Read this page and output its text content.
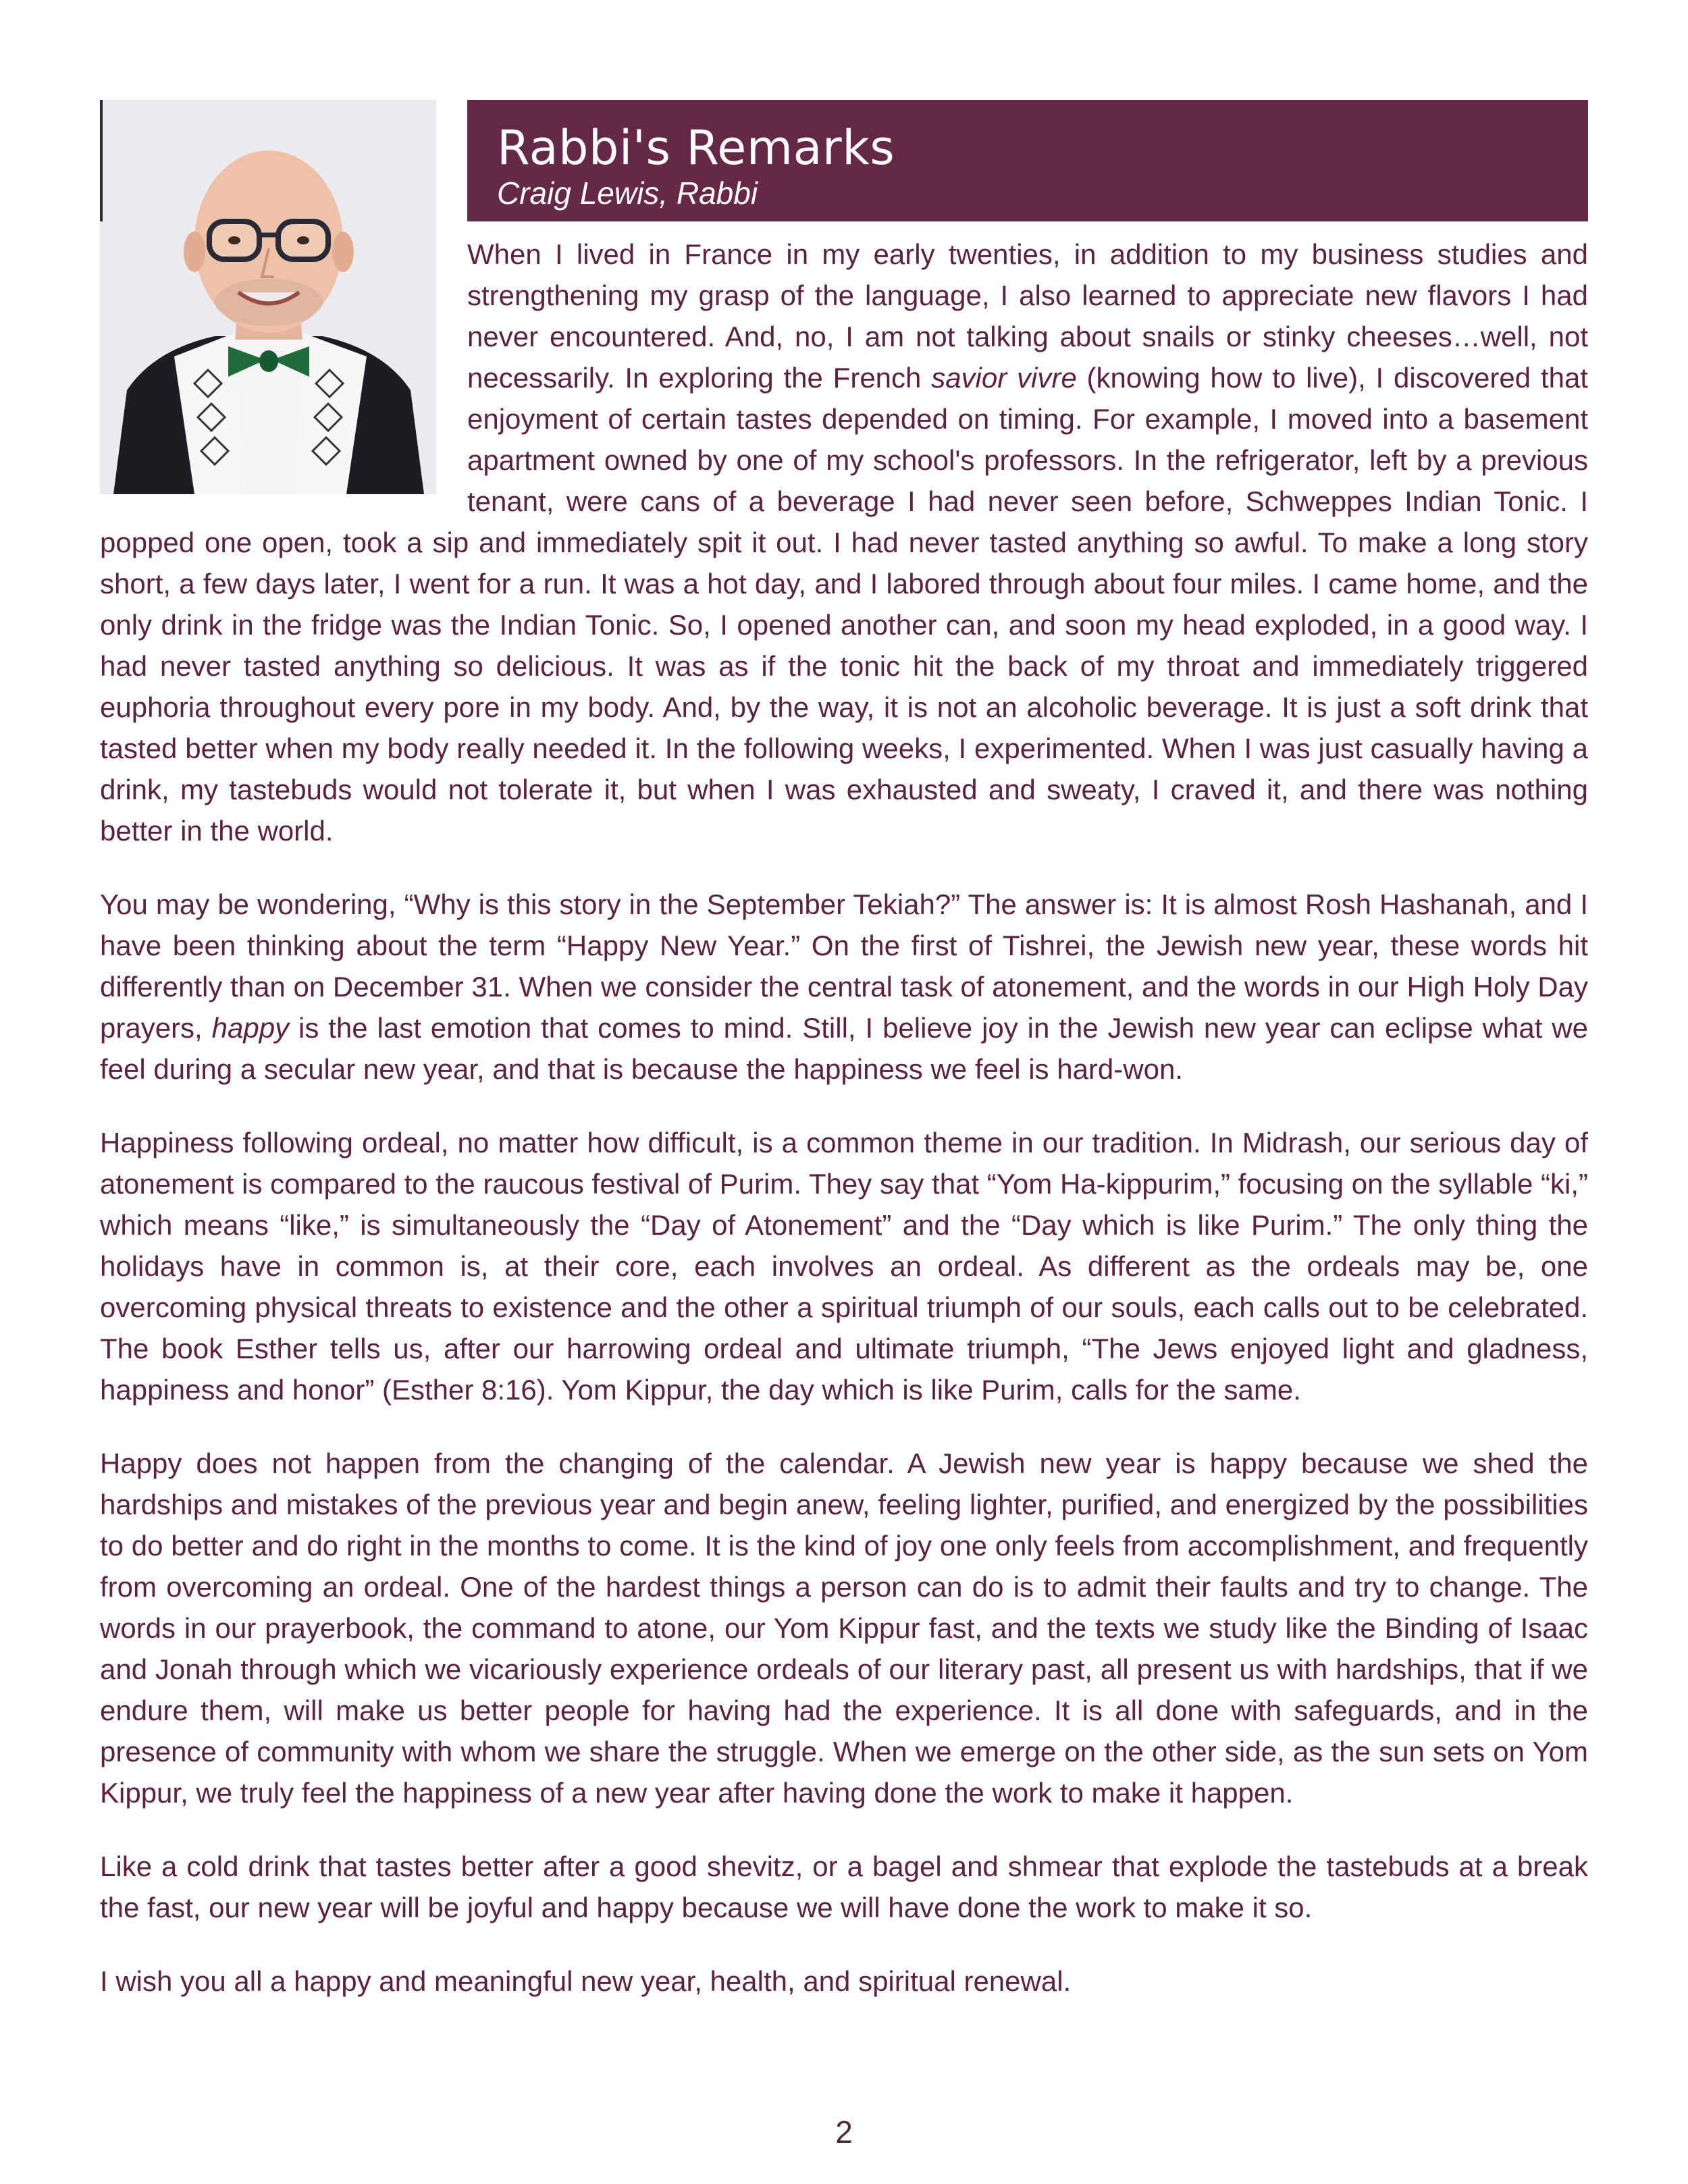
Rabbi's Remarks
Craig Lewis, Rabbi

When I lived in France in my early twenties, in addition to my business studies and strengthening my grasp of the language, I also learned to appreciate new flavors I had never encountered. And, no, I am not talking about snails or stinky cheeses…well, not necessarily. In exploring the French savior vivre (knowing how to live), I discovered that enjoyment of certain tastes depended on timing. For example, I moved into a basement apartment owned by one of my school's professors. In the refrigerator, left by a previous tenant, were cans of a beverage I had never seen before, Schweppes Indian Tonic. I popped one open, took a sip and immediately spit it out. I had never tasted anything so awful. To make a long story short, a few days later, I went for a run. It was a hot day, and I labored through about four miles. I came home, and the only drink in the fridge was the Indian Tonic. So, I opened another can, and soon my head exploded, in a good way. I had never tasted anything so delicious. It was as if the tonic hit the back of my throat and immediately triggered euphoria throughout every pore in my body. And, by the way, it is not an alcoholic beverage. It is just a soft drink that tasted better when my body really needed it. In the following weeks, I experimented. When I was just casually having a drink, my tastebuds would not tolerate it, but when I was exhausted and sweaty, I craved it, and there was nothing better in the world.

You may be wondering, “Why is this story in the September Tekiah?” The answer is: It is almost Rosh Hashanah, and I have been thinking about the term “Happy New Year.” On the first of Tishrei, the Jewish new year, these words hit differently than on December 31. When we consider the central task of atonement, and the words in our High Holy Day prayers, happy is the last emotion that comes to mind. Still, I believe joy in the Jewish new year can eclipse what we feel during a secular new year, and that is because the happiness we feel is hard-won.

Happiness following ordeal, no matter how difficult, is a common theme in our tradition. In Midrash, our serious day of atonement is compared to the raucous festival of Purim. They say that “Yom Ha-kippurim,” focusing on the syllable “ki,” which means “like,” is simultaneously the “Day of Atonement” and the “Day which is like Purim.” The only thing the holidays have in common is, at their core, each involves an ordeal. As different as the ordeals may be, one overcoming physical threats to existence and the other a spiritual triumph of our souls, each calls out to be celebrated. The book Esther tells us, after our harrowing ordeal and ultimate triumph, “The Jews enjoyed light and gladness, happiness and honor” (Esther 8:16). Yom Kippur, the day which is like Purim, calls for the same.

Happy does not happen from the changing of the calendar. A Jewish new year is happy because we shed the hardships and mistakes of the previous year and begin anew, feeling lighter, purified, and energized by the possibilities to do better and do right in the months to come. It is the kind of joy one only feels from accomplishment, and frequently from overcoming an ordeal. One of the hardest things a person can do is to admit their faults and try to change. The words in our prayerbook, the command to atone, our Yom Kippur fast, and the texts we study like the Binding of Isaac and Jonah through which we vicariously experience ordeals of our literary past, all present us with hardships, that if we endure them, will make us better people for having had the experience. It is all done with safeguards, and in the presence of community with whom we share the struggle. When we emerge on the other side, as the sun sets on Yom Kippur, we truly feel the happiness of a new year after having done the work to make it happen.

Like a cold drink that tastes better after a good shevitz, or a bagel and shmear that explode the tastebuds at a break the fast, our new year will be joyful and happy because we will have done the work to make it so.

I wish you all a happy and meaningful new year, health, and spiritual renewal.

2
